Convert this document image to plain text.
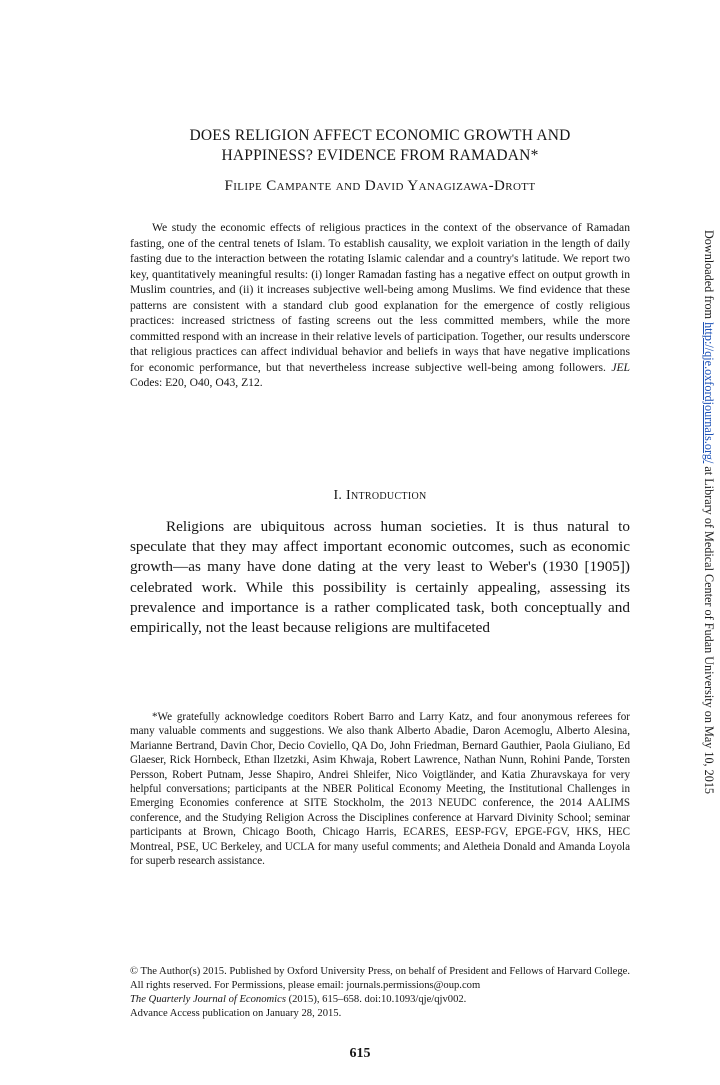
DOES RELIGION AFFECT ECONOMIC GROWTH AND
HAPPINESS? EVIDENCE FROM RAMADAN*
Filipe Campante and David Yanagizawa-Drott
We study the economic effects of religious practices in the context of the observance of Ramadan fasting, one of the central tenets of Islam. To establish causality, we exploit variation in the length of daily fasting due to the interaction between the rotating Islamic calendar and a country's latitude. We report two key, quantitatively meaningful results: (i) longer Ramadan fasting has a negative effect on output growth in Muslim countries, and (ii) it increases subjective well-being among Muslims. We find evidence that these patterns are consistent with a standard club good explanation for the emergence of costly religious practices: increased strictness of fasting screens out the less committed members, while the more committed respond with an increase in their relative levels of participation. Together, our results underscore that religious practices can affect individual behavior and beliefs in ways that have negative implications for economic performance, but that nevertheless increase subjective well-being among followers. JEL Codes: E20, O40, O43, Z12.
I. Introduction
Religions are ubiquitous across human societies. It is thus natural to speculate that they may affect important economic outcomes, such as economic growth—as many have done dating at the very least to Weber's (1930 [1905]) celebrated work. While this possibility is certainly appealing, assessing its prevalence and importance is a rather complicated task, both conceptually and empirically, not the least because religions are multifaceted
*We gratefully acknowledge coeditors Robert Barro and Larry Katz, and four anonymous referees for many valuable comments and suggestions. We also thank Alberto Abadie, Daron Acemoglu, Alberto Alesina, Marianne Bertrand, Davin Chor, Decio Coviello, QA Do, John Friedman, Bernard Gauthier, Paola Giuliano, Ed Glaeser, Rick Hornbeck, Ethan Ilzetzki, Asim Khwaja, Robert Lawrence, Nathan Nunn, Rohini Pande, Torsten Persson, Robert Putnam, Jesse Shapiro, Andrei Shleifer, Nico Voigtländer, and Katia Zhuravskaya for very helpful conversations; participants at the NBER Political Economy Meeting, the Institutional Challenges in Emerging Economies conference at SITE Stockholm, the 2013 NEUDC conference, the 2014 AALIMS conference, and the Studying Religion Across the Disciplines conference at Harvard Divinity School; seminar participants at Brown, Chicago Booth, Chicago Harris, ECARES, EESP-FGV, EPGE-FGV, HKS, HEC Montreal, PSE, UC Berkeley, and UCLA for many useful comments; and Aletheia Donald and Amanda Loyola for superb research assistance.
© The Author(s) 2015. Published by Oxford University Press, on behalf of President and Fellows of Harvard College. All rights reserved. For Permissions, please email: journals.permissions@oup.com
The Quarterly Journal of Economics (2015), 615–658. doi:10.1093/qje/qjv002.
Advance Access publication on January 28, 2015.
615
Downloaded from http://qje.oxfordjournals.org/ at Library of Medical Center of Fudan University on May 10, 2015
